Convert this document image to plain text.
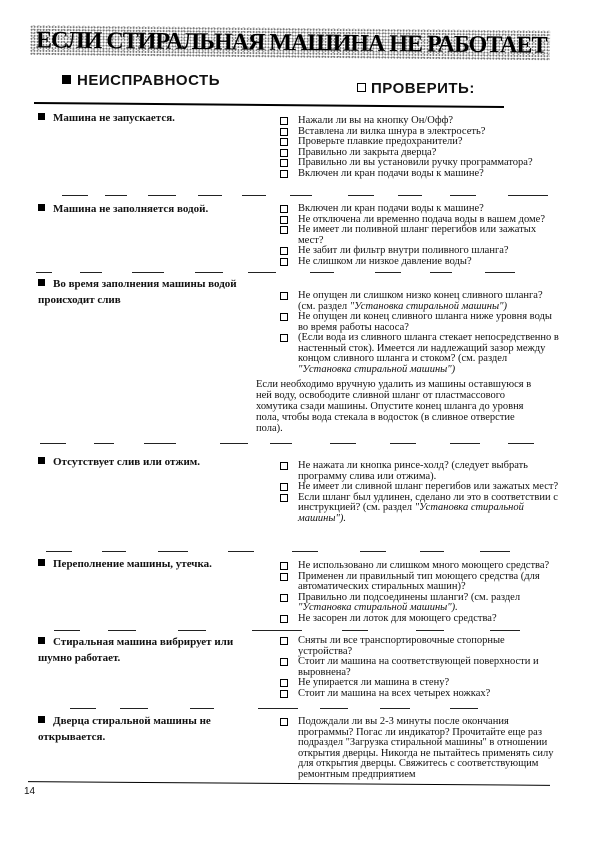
ЕСЛИ СТИРАЛЬНАЯ МАШИНА НЕ РАБОТАЕТ
НЕИСПРАВНОСТЬ	ПРОВЕРИТЬ:
Машина не запускается.	Нажали ли вы на кнопку Он/Офф?
Вставлена ли вилка шнура в электросеть?
Проверьте плавкие предохранители?
Правильно ли закрыта дверца?
Правильно ли вы установили ручку программатора?
Включен ли кран подачи воды к машине?
Машина не заполняется водой.	Включен ли кран подачи воды к машине?
Не отключена ли временно подача воды в вашем доме?
Не имеет ли поливной шланг перегибов или зажатых мест?
Не забит ли фильтр внутри поливного шланга?
Не слишком ли низкое давление воды?
Во время заполнения машины водой происходит слив	Не опущен ли слишком низко конец сливного шланга? (см. раздел "Установка стиральной машины")
Не опущен ли конец сливного шланга ниже уровня воды во время работы насоса?
(Если вода из сливного шланга стекает непосредственно в настенный сток). Имеется ли надлежащий зазор между концом сливного шланга и стоком? (см. раздел "Установка стиральной машины")
Если необходимо вручную удалить из машины оставшуюся в ней воду, освободите сливной шланг от пластмассового хомутика сзади машины. Опустите конец шланга до уровня пола, чтобы вода стекала в водосток (в сливное отверстие пола).
Отсутствует слив или отжим.	Не нажата ли кнопка ринсе-холд? (следует выбрать программу слива или отжима).
Не имеет ли сливной шланг перегибов или зажатых мест?
Если шланг был удлинен, сделано ли это в соответствии с инструкцией? (см. раздел "Установка стиральной машины").
Переполнение машины, утечка.	Не использовано ли слишком много моющего средства?
Применен ли правильный тип моющего средства (для автоматических стиральных машин)?
Правильно ли подсоединены шланги? (см. раздел "Установка стиральной машины").
Не засорен ли лоток для моющего средства?
Стиральная машина вибрирует или шумно работает.
Сняты ли все транспортировочные стопорные устройства?
Стоит ли машина на соответствующей поверхности и выровнена?
Не упирается ли машина в стену?
Стоит ли машина на всех четырех ножках?
Дверца стиральной машины не открывается.
Подождали ли вы 2-3 минуты после окончания программы? Погас ли индикатор? Прочитайте еще раз подраздел "Загрузка стиральной машины" в отношении открытия дверцы. Никогда не пытайтесь применять силу для открытия дверцы. Свяжитесь с соответствующим ремонтным предприятием
14
